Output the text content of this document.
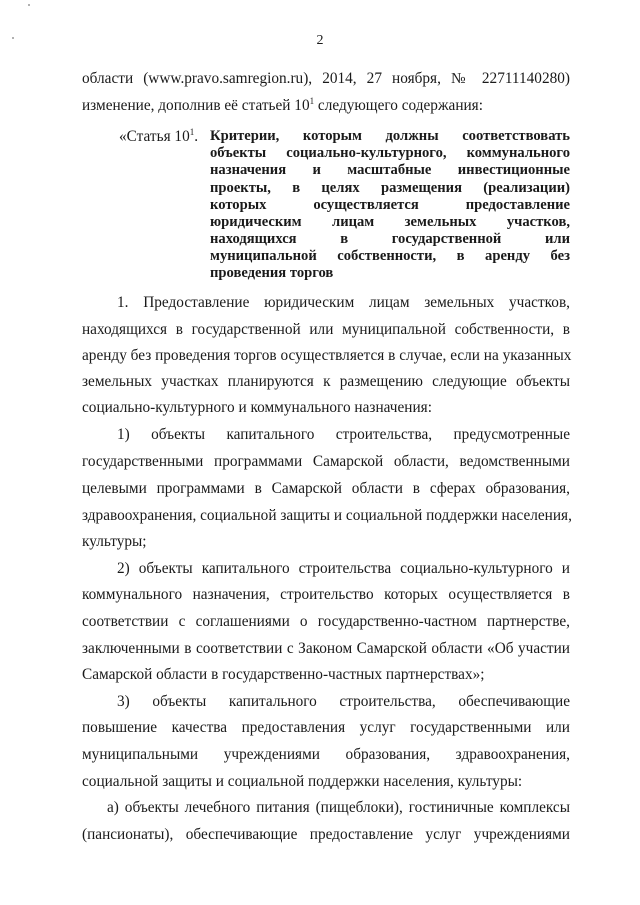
2
области (www.pravo.samregion.ru), 2014, 27 ноября, № 22711140280)
изменение, дополнив её статьей $10^1$ следующего содержания:
«Статья $10^1$. Критерии, которым должны соответствовать
объекты социально-культурного, коммунального
назначения и масштабные инвестиционные
проекты, в целях размещения (реализации)
которых осуществляется предоставление
юридическим лицам земельных участков,
находящихся в государственной или
муниципальной собственности, в аренду без
проведения торгов
1. Предоставление юридическим лицам земельных участков,
находящихся в государственной или муниципальной собственности, в
аренду без проведения торгов осуществляется в случае, если на указанных
земельных участках планируются к размещению следующие объекты
социально-культурного и коммунального назначения:
1) объекты капитального строительства, предусмотренные
государственными программами Самарской области, ведомственными
целевыми программами в Самарской области в сферах образования,
здравоохранения, социальной защиты и социальной поддержки населения,
культуры;
2) объекты капитального строительства социально-культурного и
коммунального назначения, строительство которых осуществляется в
соответствии с соглашениями о государственно-частном партнерстве,
заключенными в соответствии с Законом Самарской области «Об участии
Самарской области в государственно-частных партнерствах»;
3) объекты капитального строительства, обеспечивающие
повышение качества предоставления услуг государственными или
муниципальными учреждениями образования, здравоохранения,
социальной защиты и социальной поддержки населения, культуры:
а) объекты лечебного питания (пищеблоки), гостиничные комплексы
(пансионаты), обеспечивающие предоставление услуг учреждениями
